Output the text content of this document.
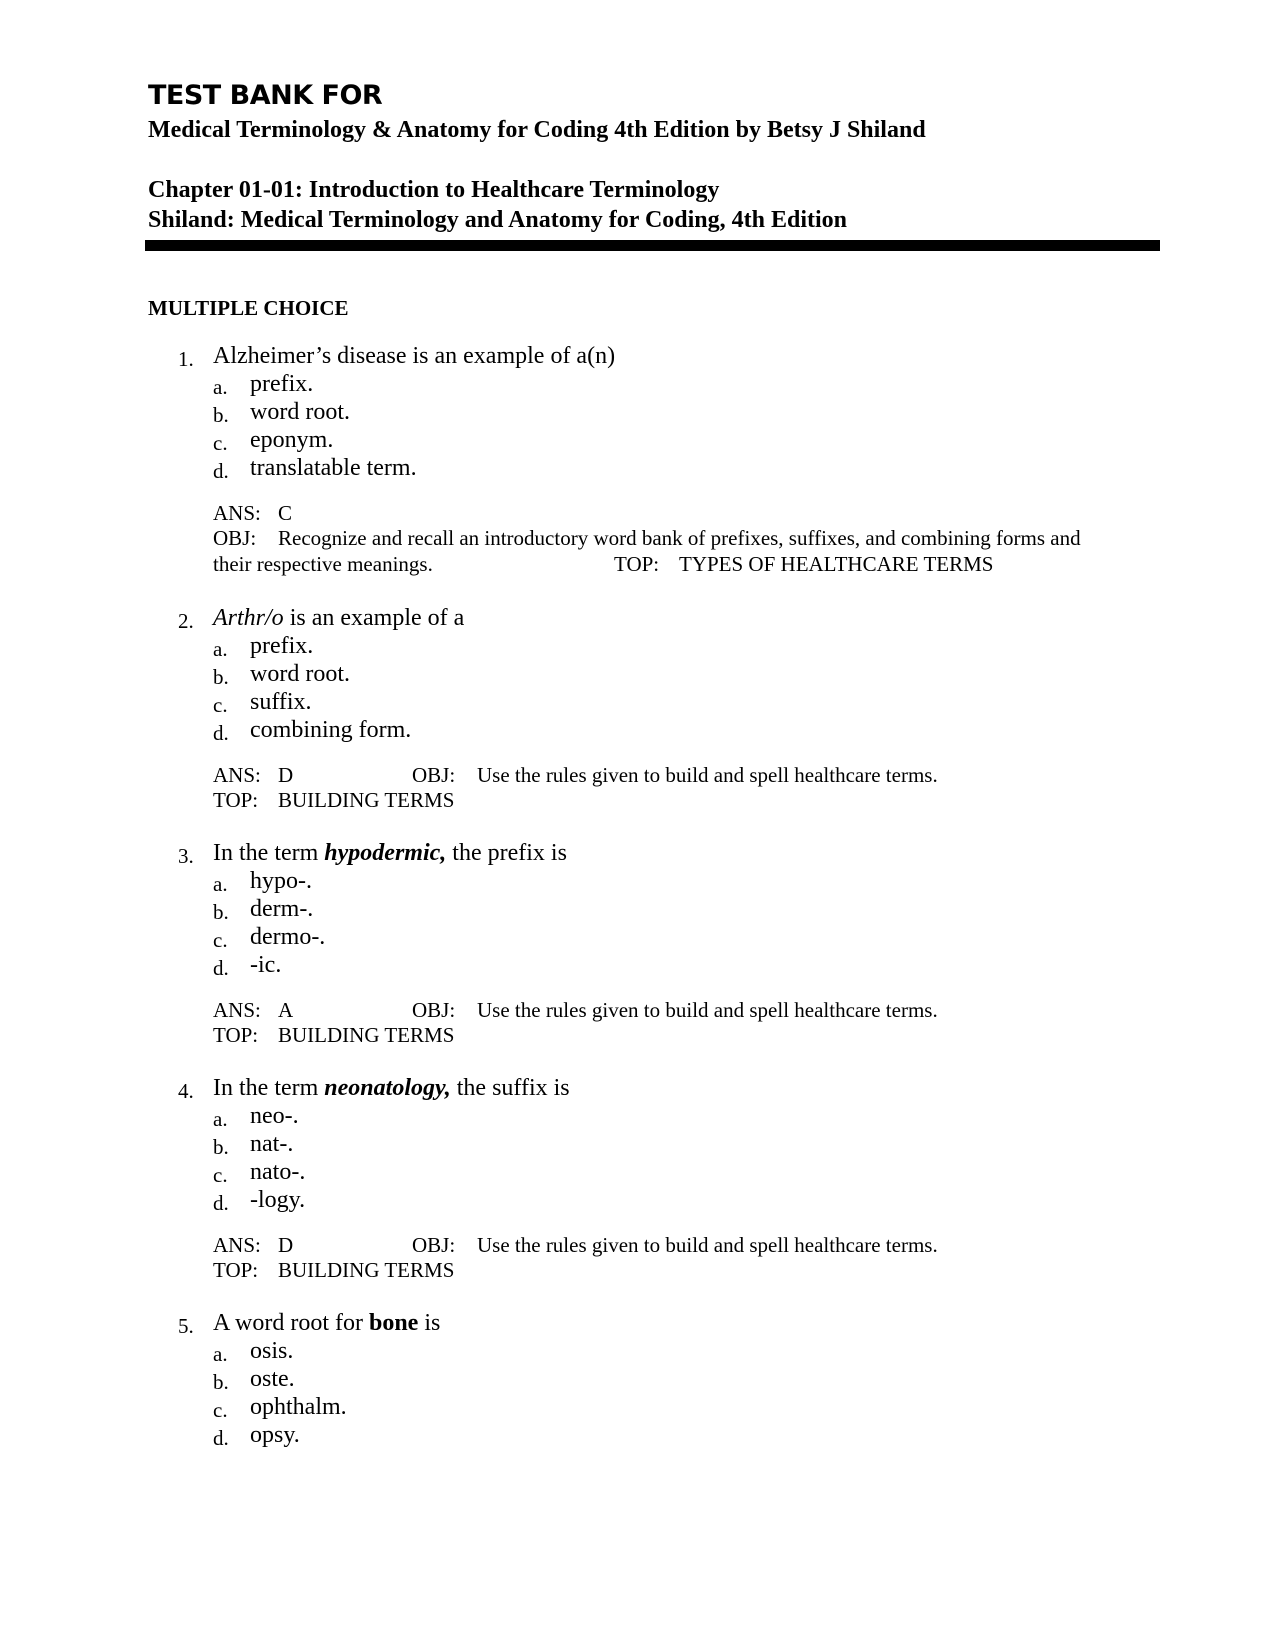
TEST BANK FOR
Medical Terminology & Anatomy for Coding 4th Edition by Betsy J Shiland
Chapter 01-01: Introduction to Healthcare Terminology
Shiland: Medical Terminology and Anatomy for Coding, 4th Edition
MULTIPLE CHOICE
1. Alzheimer’s disease is an example of a(n)
a. prefix.
b. word root.
c. eponym.
d. translatable term.
ANS: C
OBJ: Recognize and recall an introductory word bank of prefixes, suffixes, and combining forms and
their respective meanings.	TOP: TYPES OF HEALTHCARE TERMS
2. Arthr/o is an example of a
a. prefix.
b. word root.
c. suffix.
d. combining form.
ANS: D	OBJ: Use the rules given to build and spell healthcare terms.
TOP: BUILDING TERMS
3. In the term hypodermic, the prefix is
a. hypo-.
b. derm-.
c. dermo-.
d. -ic.
ANS: A	OBJ: Use the rules given to build and spell healthcare terms.
TOP: BUILDING TERMS
4. In the term neonatology, the suffix is
a. neo-.
b. nat-.
c. nato-.
d. -logy.
ANS: D	OBJ: Use the rules given to build and spell healthcare terms.
TOP: BUILDING TERMS
5. A word root for bone is
a. osis.
b. oste.
c. ophthalm.
d. opsy.
